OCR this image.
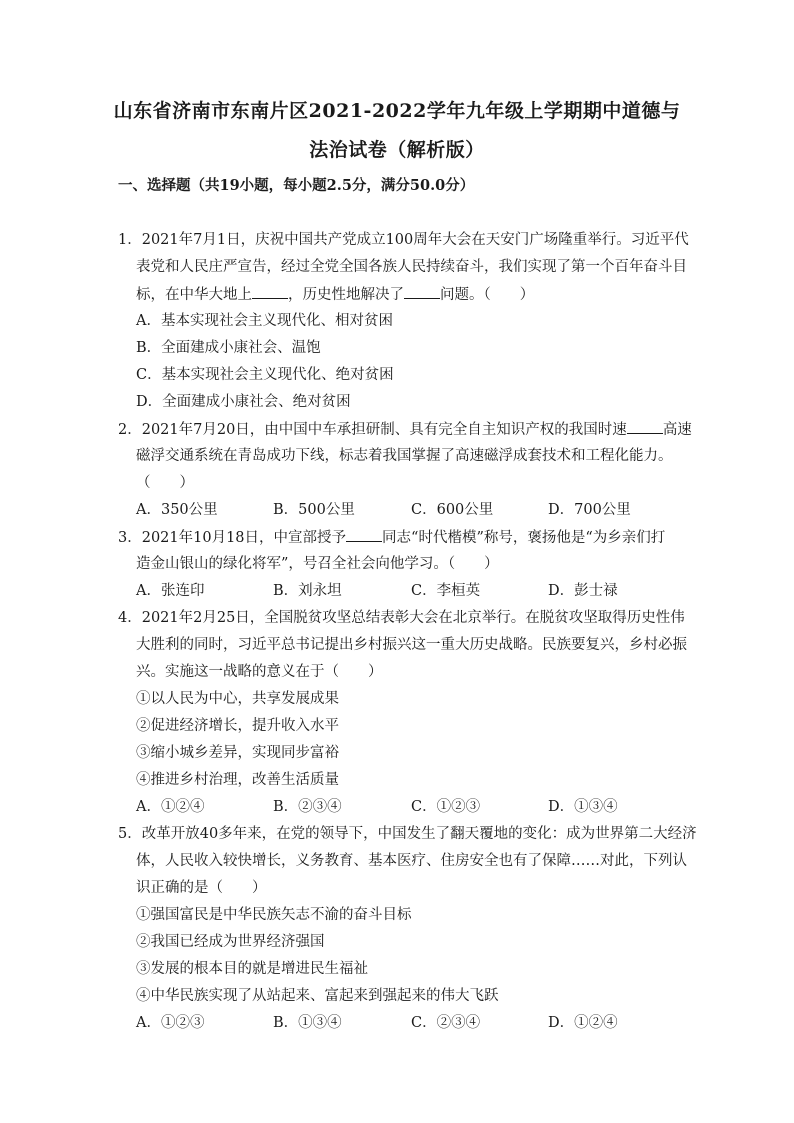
山东省济南市东南片区2021-2022学年九年级上学期期中道德与
法治试卷（解析版）
一、选择题（共19小题，每小题2.5分，满分50.0分）
1．2021年7月1日，庆祝中国共产党成立100周年大会在天安门广场隆重举行。习近平代
表党和人民庄严宣告，经过全党全国各族人民持续奋斗，我们实现了第一个百年奋斗目
标，在中华大地上 ，历史性地解决了 问题。（　　）
A．基本实现社会主义现代化、相对贫困
B．全面建成小康社会、温饱
C．基本实现社会主义现代化、绝对贫困
D．全面建成小康社会、绝对贫困
2．2021年7月20日，由中国中车承担研制、具有完全自主知识产权的我国时速 高速
磁浮交通系统在青岛成功下线，标志着我国掌握了高速磁浮成套技术和工程化能力。
（　　）
A．350公里	B．500公里	C．600公里	D．700公里
3．2021年10月18日，中宣部授予 同志“时代楷模”称号，褒扬他是“为乡亲们打
造金山银山的绿化将军”，号召全社会向他学习。（　　）
A．张连印	B．刘永坦	C．李桓英	D．彭士禄
4．2021年2月25日，全国脱贫攻坚总结表彰大会在北京举行。在脱贫攻坚取得历史性伟
大胜利的同时，习近平总书记提出乡村振兴这一重大历史战略。民族要复兴，乡村必振
兴。实施这一战略的意义在于（　　）
①以人民为中心，共享发展成果
②促进经济增长，提升收入水平
③缩小城乡差异，实现同步富裕
④推进乡村治理，改善生活质量
A．①②④	B．②③④	C．①②③	D．①③④
5．改革开放40多年来，在党的领导下，中国发生了翻天覆地的变化：成为世界第二大经济
体，人民收入较快增长，义务教育、基本医疗、住房安全也有了保障……对此，下列认
识正确的是（　　）
①强国富民是中华民族矢志不渝的奋斗目标
②我国已经成为世界经济强国
③发展的根本目的就是增进民生福祉
④中华民族实现了从站起来、富起来到强起来的伟大飞跃
A．①②③	B．①③④	C．②③④	D．①②④
